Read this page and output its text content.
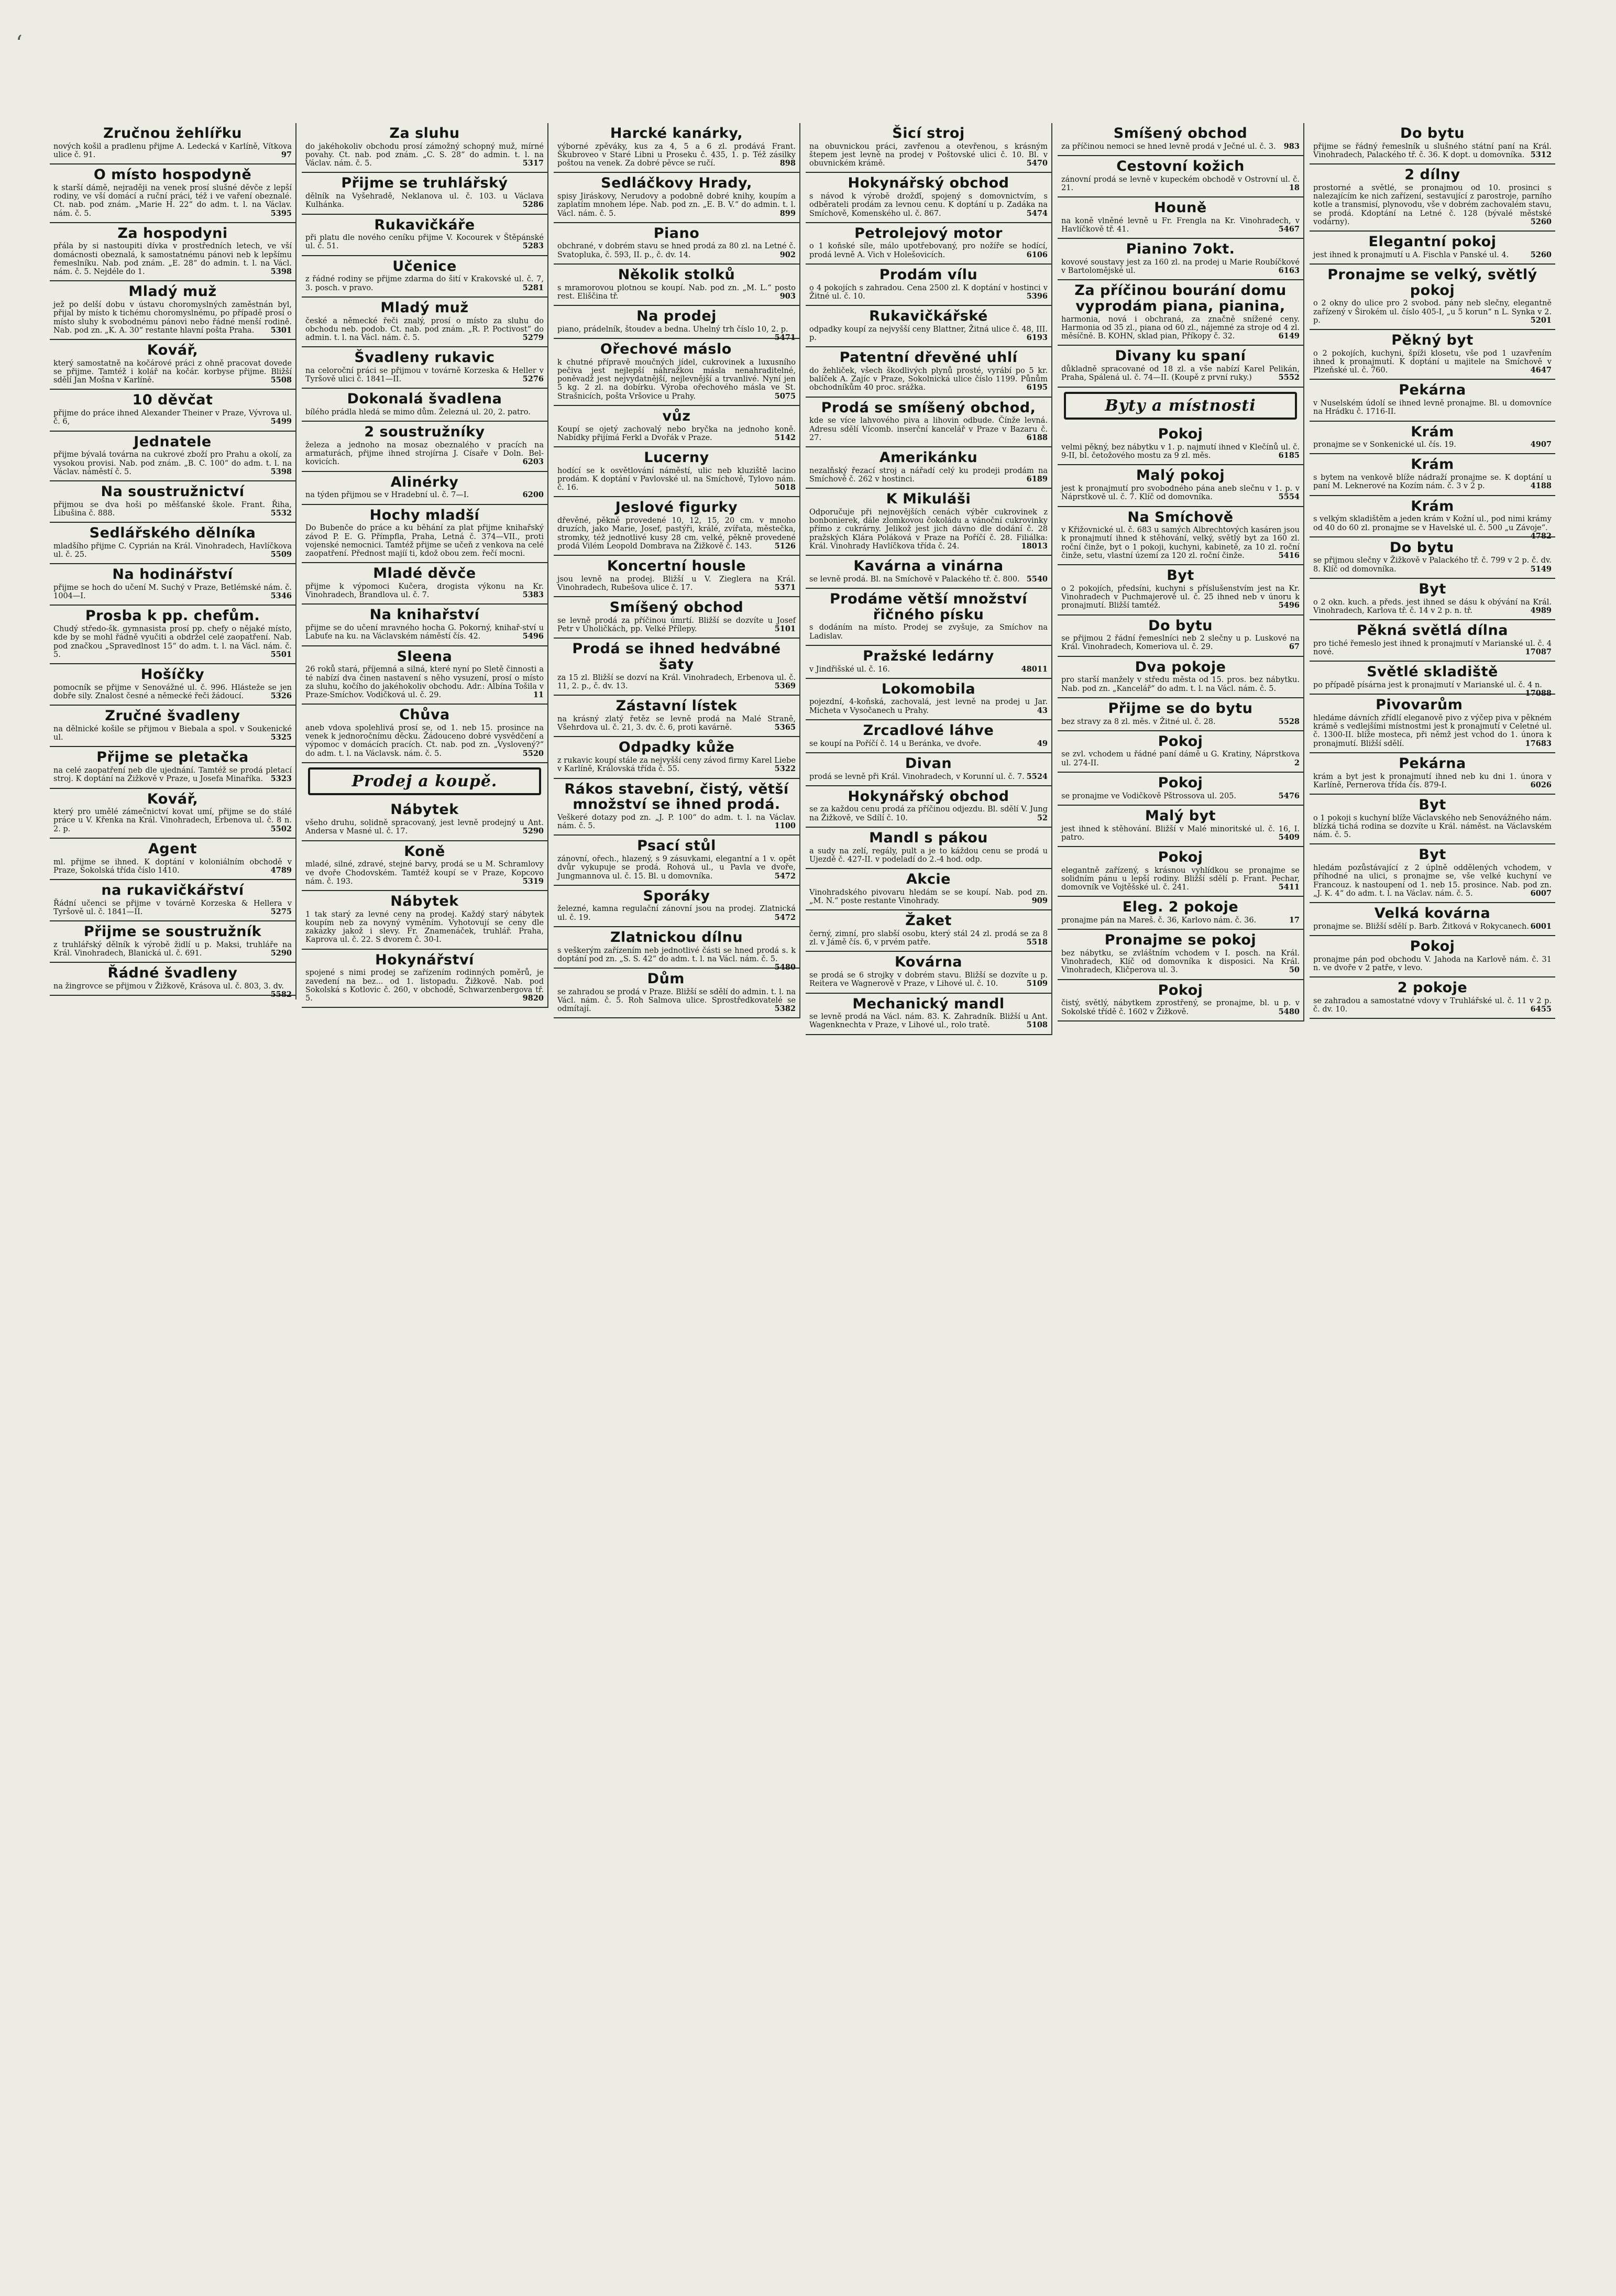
‘
Zručnou žehlířku

nových košil a pradlenu přijme A. Ledecká v Karlíně, Vítkova ulice č. 91.	97

O místo hospodyně

k starší dámě, nejraději na venek prosí slušné děvče z lepší rodiny, ve vší domácí a ruční práci, též i ve vaření obeznalé. Ct. nab. pod znám. „Marie H. 22“ do adm. t. l. na Václav. nám. č. 5.	5395

Za hospodyni

přála by si nastoupiti dívka v prostředních letech, ve vší domácnosti obeznalá, k samostatnému pánovi neb k lepšímu řemeslníku. Nab. pod znám. „E. 28“ do admin. t. l. na Václ. nám. č. 5. Nejdéle do 1.	5398

Mladý muž

jež po delší dobu v ústavu choromyslných zaměstnán byl, přijal by místo k tichému choromyslnému, po případě prosí o místo sluhy k svobodnému pánovi nebo řádné menší rodině. Nab. pod zn. „K. A. 30“ restante hlavní pošta Praha. 5301

Kovář,

který samostatně na kočárové práci z ohně pracovat dovede se přijme. Tamtéž i kolář na kočár. korbyse přijme. Bližší sdělí Jan Mošna v Karlíně.	5508

10 děvčat

přijme do práce ihned Alexander Theiner v Praze, Vývrova ul. č. 6,	5499

Jednatele

přijme bývalá továrna na cukrové zboží pro Prahu a okolí, za vysokou provisi. Nab. pod znám. „B. C. 100“ do adm. t. l. na Václav. náměstí č. 5.	5398

Na soustružnictví

přijmou se dva hoši po měšťanské škole. Frant. Řiha, Libušina č. 888.	5532

Sedlářského dělníka

mladšího přijme C. Cyprián na Král. Vinohradech, Havlíčkova ul. č. 25.	5509

Na hodinářství

přijme se hoch do učení M. Suchý v Praze, Betlémské nám. č. 1004—I.	5346

Prosba k pp. chefům.

Chudý středo-šk. gymnasista prosí pp. chefy o nějaké místo, kde by se mohl řádně vyučiti a obdržel celé zaopatření. Nab. pod značkou „Spravedlnost 15“ do adm. t. l. na Václ. nám. č. 5.	5501

Hošíčky

pomocník se přijme v Senovážné ul. č. 996. Hlásteže se jen dobře sily. Znalost česné a německé řeči žádoucí.	5326

Zručné švadleny

na dělnické košile se přijmou v Biebala a spol. v Soukenické ul.	5325

Přijme se pletačka

na celé zaopatření neb dle ujednání. Tamtéž se prodá pletací stroj. K doptání na Žižkově v Praze, u Josefa Minaříka. 5323

Kovář,

který pro umělé zámečnictví kovat umí, přijme se do stálé práce u V. Křenka na Král. Vinohradech, Erbenova ul. č. 8 n. 2. p.	5502

Agent

ml. přijme se ihned. K doptání v koloniálním obchodě v Praze, Sokolská třída číslo 1410.	4789

na rukavičkářství

Řádní učenci se přijme v továrně Korzeska & Hellera v Tyršově ul. č. 1841—II.	5275

Přijme se soustružník

z truhlářský dělník k výrobě židlí u p. Maksi, truhláře na Král. Vinohradech, Blanická ul. č. 691.	5290

Řádné švadleny

na žingrovce se přijmou v Žižkově, Krásova ul. č. 803, 3. dv.
5582

Za sluhu

do jakéhokoliv obchodu prosí zámožný schopný muž, mírné povahy. Ct. nab. pod znám. „C. S. 28“ do admin. t. l. na Václav. nám. č. 5.	5317

Přijme se truhlářský

dělník na Vyšehradě, Neklanova ul. č. 103. u Václava Kulhánka.	5286

Rukavičkáře

při platu dle nového ceníku přijme V. Kocourek v Štěpánské ul. č. 51.	5283

Učenice

z řádné rodiny se přijme zdarma do šití v Krakovské ul. č. 7, 3. posch. v pravo.	5281

Mladý muž

české a německé řeči znalý, prosí o místo za sluhu do obchodu neb. podob. Ct. nab. pod znám. „R. P. Poctivost“ do admin. t. l. na Václ. nám. č. 5.	5279

Švadleny rukavic

na celoroční práci se přijmou v továrně Korzeska & Heller v Tyršově ulici č. 1841—II.	5276

Dokonalá švadlena

bílého prádla hledá se mimo dům. Železná ul. 20, 2. patro.

2 soustružníky

železa a jednoho na mosaz obeznalého v pracích na armaturách, přijme ihned strojírna J. Císaře v Doln. Bel-kovicích.	6203

Alinérky

na týden přijmou se v Hradební ul. č. 7—I.	6200

Hochy mladší

Do Bubenče do práce a ku běhání za plat přijme knihařský závod P. E. G. Přímpfla, Praha, Letná č. 374—VII., proti vojenské nemocnici. Tamtéž přijme se učeň z venkova na celé zaopatření. Přednost majíí ti, kdož obou zem. řečí mocni.

Mladé děvče

přijme k výpomoci Kučera, drogista výkonu na Kr. Vinohradech, Brandlova ul. č. 7.	5383

Na knihařství

přijme se do učení mravného hocha G. Pokorný, knihař-ství u Labuťe na ku. na Václavském náměstí čís. 42.	5496

Sleena

26 roků stará, příjemná a silná, které nyní po Sletě činnosti a té nabízí dva činen nastavení s něho vysuzení, prosí o místo za sluhu, kočího do jakéhokoliv obchodu. Adr.: Albína Tošila v Praze-Smíchov. Vodičková ul. č. 29.	11

Chůva

aneb vdova spolehlivá prosí se, od 1. neb 15. prosince na venek k jednoročnímu děcku. Žádouceno dobré vysvědčení a výpomoc v domácích pracích. Ct. nab. pod zn. „Vyslovený?“ do adm. t. l. na Václavsk. nám. č. 5.	5520

Prodej a koupě.
Nábytek

všeho druhu, solidně spracovaný, jest levně prodejný u Ant. Andersa v Masné ul. č. 17.	5290

Koně

mladé, silné, zdravé, stejné barvy, prodá se u M. Schramlovy ve dvoře Chodovském. Tamtéž koupí se v Praze, Kopcovo nám. č. 193.	5319

Nábytek

1 tak starý za levné ceny na prodej. Každý starý nábytek koupím neb za novyný vyměním. Vyhotovují se ceny dle zakázky jakož i slevy. Fr. Znamenáček, truhlář. Praha, Kaprova ul. č. 22. S dvorem č. 30-I.

Hokynářství

spojené s nimi prodej se zařízením rodinných poměrů, je zavedení na bez... od 1. listopadu. Žižkově. Nab. pod Sokolská s Kotlovic č. 260, v obchodě, Schwarzenbergova tř. 5.	9820

Harcké kanárky,

výborné zpěváky, kus za 4, 5 a 6 zl. prodává Frant. Škubroveo v Staré Libni u Proseku č. 435, 1. p. Též zásilky poštou na venek. Za dobré pěvce se ručí.	898

Sedláčkovy Hrady,

spisy Jiráskovy, Nerudovy a podobně dobré knihy, koupím a zaplatím mnohem lépe. Nab. pod zn. „E. B. V.“ do admin. t. l. Václ. nám. č. 5.	899

Piano

obchrané, v dobrém stavu se hned prodá za 80 zl. na Letné č. Svatopluka, č. 593, II. p., č. dv. 14.	902

Několik stolků

s mramorovou plotnou se koupí. Nab. pod zn. „M. L.“ posto rest. Eliščina tř.	903

Na prodej

piano, prádelník, štoudev a bedna. Uhelný trh číslo 10, 2. p.
5471

Ořechové máslo

k chutné přípravě moučných jídel, cukrovinek a luxusního pečiva jest nejlepší náhražkou másla nenahraditelné, poněvadž jest nejvydatnější, nejlevnější a trvanlivé. Nyní jen 5 kg. 2 zl. na dobírku. Výroba ořechového másla ve St. Strašnicích, pošta Vršovice u Prahy.	5075

vůz

Koupí se ojetý zachovalý nebo bryčka na jednoho koně. Nabídky přijímá Ferkl a Dvořák v Praze.	5142

Lucerny

hodící se k osvětlování náměstí, ulic neb kluziště lacino prodám. K doptání v Pavlovské ul. na Smíchově, Tylovo nám. č. 16.	5018

Jeslové figurky

dřevěné, pěkně provedené 10, 12, 15, 20 cm. v mnoho druzích, jako Marie, Josef, pastýři, králé, zvířata, městečka, stromky, též jednotlivé kusy 28 cm. velké, pěkně provedené prodá Vilém Leopold Dombrava na Žižkově č. 143.	5126

Koncertní housle

jsou levně na prodej. Bližší u V. Zieglera na Král. Vinohradech, Rubešova ulice č. 17.	5371

Smíšený obchod

se levně prodá za příčinou úmrtí. Bližší se dozvíte u Josef Petr v Úholičkách, pp. Velké Přílepy.	5101

Prodá se ihned hedvábné šaty

za 15 zl. Bližší se dozví na Král. Vinohradech, Erbenova ul. č. 11, 2. p., č. dv. 13.	5369

Zástavní lístek

na krásný zlatý řetěz se levně prodá na Malé Straně, Všehrdova ul. č. 21, 3. dv. č. 6, proti kavárně.	5365

Odpadky kůže

z rukavic koupí stále za nejvyšší ceny závod firmy Karel Liebe v Karlíně, Královská třída č. 55.	5322

Rákos stavební, čistý, větší množství se ihned prodá.

Veškeré dotazy pod zn. „J. P. 100“ do adm. t. l. na Václav. nám. č. 5.	1100

Psací stůl

zánovní, ořech., hlazený, s 9 zásuvkami, elegantní a 1 v. opět dvůr vykupuje se prodá. Rohová ul., u Pavla ve dvoře, Jungmannova ul. č. 15. Bl. u domovníka.	5472

Sporáky

železné, kamna regulační zánovní jsou na prodej. Zlatnická ul. č. 19.	5472

Zlatnickou dílnu

s veškerým zařízením neb jednotlivé části se hned prodá s. k doptání pod zn. „S. S. 42“ do adm. t. l. na Václ. nám. č. 5.
5480

Dům

se zahradou se prodá v Praze. Bližší se sdělí do admin. t. l. na Václ. nám. č. 5. Roh Salmova ulice. Sprostředkovatelé se odmítají.	5382

Šicí stroj

na obuvnickou práci, zavřenou a otevřenou, s krásným štepem jest levně na prodej v Poštovské ulici č. 10. Bl. v obuvnickém krámě.	5470

Hokynářský obchod

s návod k výrobě drožďí, spojený s domovnictvím, s odběrateli prodám za levnou cenu. K doptání u p. Zadáka na Smíchově, Komenského ul. č. 867.	5474

Petrolejový motor

o 1 koňské síle, málo upotřebovaný, pro nožíře se hodící, prodá levně A. Vich v Holešovicích.	6106

Prodám vílu

o 4 pokojích s zahradou. Cena 2500 zl. K doptání v hostinci v Žitné ul. č. 10.	5396

Rukavičkářské

odpadky koupí za nejvyšší ceny Blattner, Žitná ulice č. 48, III. p.	6193

Patentní dřevěné uhlí

do žehliček, všech škodlivých plynů prosté, vyrábí po 5 kr. balíček A. Zajíc v Praze, Sokolnická ulice číslo 1199. Půnům obchodníkům 40 proc. srážka.	6195

Prodá se smíšený obchod,

kde se více lahvového piva a lihovin odbude. Čínže levná. Adresu sdělí Vícomb. inserční kancelář v Praze v Bazaru č. 27.	6188

Amerikánku

nezalňský řezací stroj a nářadí celý ku prodeji prodám na Smíchově č. 262 v hostinci.	6189

K Mikuláši

Odporučuje při nejnovějších cenách výběr cukrovinek z bonbonierek, dále zlomkovou čokoládu a vánoční cukrovinky přímo z cukrárny. Jelikož jest jich dávno dle dodání č. 28 pražských Klára Poláková v Praze na Poříčí č. 28. Filiálka: Král. Vinohrady Havlíčkova třída č. 24.	18013

Kavárna a vinárna

se levně prodá. Bl. na Smíchově v Palackého tř. č. 800. 5540

Prodáme větší množství řičného písku

s dodáním na místo. Prodej se zvyšuje, za Smíchov na Ladislav.

Pražské ledárny

v Jindřišské ul. č. 16.	48011

Lokomobila

pojezdní, 4-koňská, zachovalá, jest levně na prodej u Jar. Micheta v Vysočanech u Prahy.	43

Zrcadlové láhve

se koupí na Poříčí č. 14 u Beránka, ve dvoře.	49

Divan

prodá se levně při Král. Vinohradech, v Korunní ul. č. 7. 5524

Hokynářský obchod

se za každou cenu prodá za příčinou odjezdu. Bl. sdělí V. Jung na Žižkově, ve Sdílí č. 10.	52

Mandl s pákou

a sudy na zelí, regály, pult a je to káždou cenu se prodá u Ujezdě č. 427-II. v podeladí do 2.-4 hod. odp.

Akcie

Vinohradského pivovaru hledám se se koupí. Nab. pod zn. „M. N.“ poste restante Vinohrady.	909

Žaket

černý, zimní, pro slabší osobu, který stál 24 zl. prodá se za 8 zl. v Jámě čís. 6, v prvém patře.	5518

Kovárna

se prodá se 6 strojky v dobrém stavu. Bližší se dozvíte u p. Reitera ve Wagnerově v Praze, v Lihové ul. č. 10.	5109

Mechanický mandl

se levně prodá na Václ. nám. 83. K. Zahradník. Bližší u Ant. Wagenknechta v Praze, v Lihové ul., rolo tratě.	5108

Smíšený obchod

za příčinou nemoci se hned levně prodá v Ječné ul. č. 3. 983

Cestovní kožich

zánovní prodá se levně v kupeckém obchodě v Ostrovní ul. č. 21.	18

Houně

na koně vlněné levně u Fr. Frengla na Kr. Vinohradech, v Havlíčkově tř. 41.	5467

Pianino 7okt.

kovové soustavy jest za 160 zl. na prodej u Marie Roubíčkové v Bartolomějské ul.	6163

Za příčinou bourání domu vyprodám piana, pianina,

harmonia, nová i obchraná, za značně snížené ceny. Harmonia od 35 zl., piana od 60 zl., nájemné za stroje od 4 zl. měsíčně. B. KOHN, sklad pian, Příkopy č. 32.	6149

Divany ku spaní

důkladně spracované od 18 zl. a vše nabízí Karel Pelikán, Praha, Spálená ul. č. 74—II. (Koupě z první ruky.)	5552

Byty a místnosti
Pokoj

velmi pěkný, bez nábytku v 1. p. najmutí ihned v Klečínů ul. č. 9-II, bl. četožového mostu za 9 zl. měs.	6185

Malý pokoj

jest k pronajmutí pro svobodného pána aneb slečnu v 1. p. v Náprstkově ul. č. 7. Klíč od domovníka.	5554

Na Smíchově

v Křižovnické ul. č. 683 u samých Albrechtových kasáren jsou k pronajmutí ihned k stěhování, velký, světlý byt za 160 zl. roční činže, byt o 1 pokoji, kuchyni, kabinetě, za 10 zl. roční činže, setu, vlastní území za 120 zl. roční činže.	5416

Byt

o 2 pokojích, předsíni, kuchyni s příslušenstvím jest na Kr. Vinohradech v Puchmajerově ul. č. 25 ihned neb v únoru k pronajmutí. Bližší tamtéž.	5496

Do bytu

se přijmou 2 řádní řemeslníci neb 2 slečny u p. Luskové na Král. Vinohradech, Komeriova ul. č. 29.	67

Dva pokoje

pro starší manžely v středu města od 15. pros. bez nábytku. Nab. pod zn. „Kancelář“ do adm. t. l. na Václ. nám. č. 5.

Přijme se do bytu

bez stravy za 8 zl. měs. v Žitné ul. č. 28.	5528

Pokoj

se zvl. vchodem u řádné paní dámě u G. Kratiny, Náprstkova ul. 274-II.	2

Pokoj

se pronajme ve Vodičkově Pštrossova ul. 205.	5476

Malý byt

jest ihned k stěhování. Bližší v Malé minoritské ul. č. 16, I. patro.	5409

Pokoj

elegantně zařízený, s krásnou vyhlídkou se pronajme se solidním pánu u lepší rodiny. Bližší sdělí p. Frant. Pechar, domovník ve Vojtěšské ul. č. 241.	5411

Eleg. 2 pokoje

pronajme pán na Mareš. č. 36, Karlovo nám. č. 36.	17

Pronajme se pokoj

bez nábytku, se zvláštním vchodem v I. posch. na Král. Vinohradech, Klíč od domovníka k disposici. Na Král. Vinohradech, Kličperova ul. 3.	50

Pokoj

čistý, světlý, nábytkem zprostřený, se pronajme, bl. u p. v Sokolské třídě č. 1602 v Žižkově.	5480

Do bytu

přijme se řádný řemeslník u slušného státní paní na Král. Vinohradech, Palackého tř. č. 36. K dopt. u domovníka. 5312

2 dílny

prostorné a světlé, se pronajmou od 10. prosinci s nalezajícím ke nich zařízení, sestavující z parostroje, parního kotle a transmisí, plynovodu, vše v dobrém zachovalém stavu, se prodá. Kdoptání na Letné č. 128 (bývalé městské vodárny).	5260

Elegantní pokoj

jest ihned k pronajmutí u A. Fischla v Panské ul. 4.	5260

Pronajme se velký, světlý pokoj

o 2 okny do ulice pro 2 svobod. pány neb slečny, elegantně zařízený v Širokém ul. číslo 405-I, „u 5 korun“ n L. Synka v 2. p.	5201

Pěkný byt

o 2 pokojích, kuchyni, špíži klosetu, vše pod 1 uzavřením ihned k pronajmutí. K doptání u majitele na Smíchově v Plzeňské ul. č. 760.	4647

Pekárna

v Nuselském údolí se ihned levně pronajme. Bl. u domovníce na Hrádku č. 1716-II.

Krám

pronajme se v Sonkenické ul. čís. 19.	4907

Krám

s bytem na venkově blíže nádraží pronajme se. K doptání u paní M. Leknerové na Kozím nám. č. 3 v 2 p.	4188

Krám

s velkým skladištěm a jeden krám v Kožní ul., pod nimi krámy od 40 do 60 zl. pronajme se v Havelské ul. č. 500 „u Závoje“.
4782

Do bytu

se přijmou slečny v Žižkově v Palackého tř. č. 799 v 2 p. č. dv. 8. Klíč od domovníka.	5149

Byt

o 2 okn. kuch. a předs. jest ihned se dásu k obývání na Král. Vinohradech, Karlova tř. č. 14 v 2 p. n. tř.	4989

Pěkná světlá dílna

pro tiché řemeslo jest ihned k pronajmutí v Marianské ul. č. 4 nové.	17087

Světlé skladiště

po případě písárna jest k pronajmutí v Marianské ul. č. 4 n.
17088

Pivovarům

hledáme dávních zřídlí eleganově pivo z výčep piva v pěkném krámě s vedlejšími místnostmi jest k pronajmutí v Celetné ul. č. 1300-II. blíže mosteca, při němž jest vchod do 1. února k pronajmutí. Bližší sdělí.	17683

Pekárna

krám a byt jest k pronajmutí ihned neb ku dni 1. února v Karlíně, Pernerova třída čís. 879-I.	6026

Byt

o 1 pokoji s kuchyní blíže Václavského neb Senovážného nám. blízká tichá rodina se dozvíte u Král. náměst. na Václavském nám. č. 5.

Byt

hledám pozůstávající z 2 úplně oddělených vchodem, v příhodné na ulici, s pronajme se, vše velké kuchyní ve Francouz. k nastoupení od 1. neb 15. prosince. Nab. pod zn. „J. K. 4“ do adm. t. l. na Václav. nám. č. 5.	6007

Velká kovárna

pronajme se. Bližší sdělí p. Barb. Žitková v Rokycanech. 6001

Pokoj

pronajme pán pod obchodu V. Jahoda na Karlově nám. č. 31 n. ve dvoře v 2 patře, v levo.

2 pokoje

se zahradou a samostatné vdovy v Truhlářské ul. č. 11 v 2 p. č. dv. 10.	6455
